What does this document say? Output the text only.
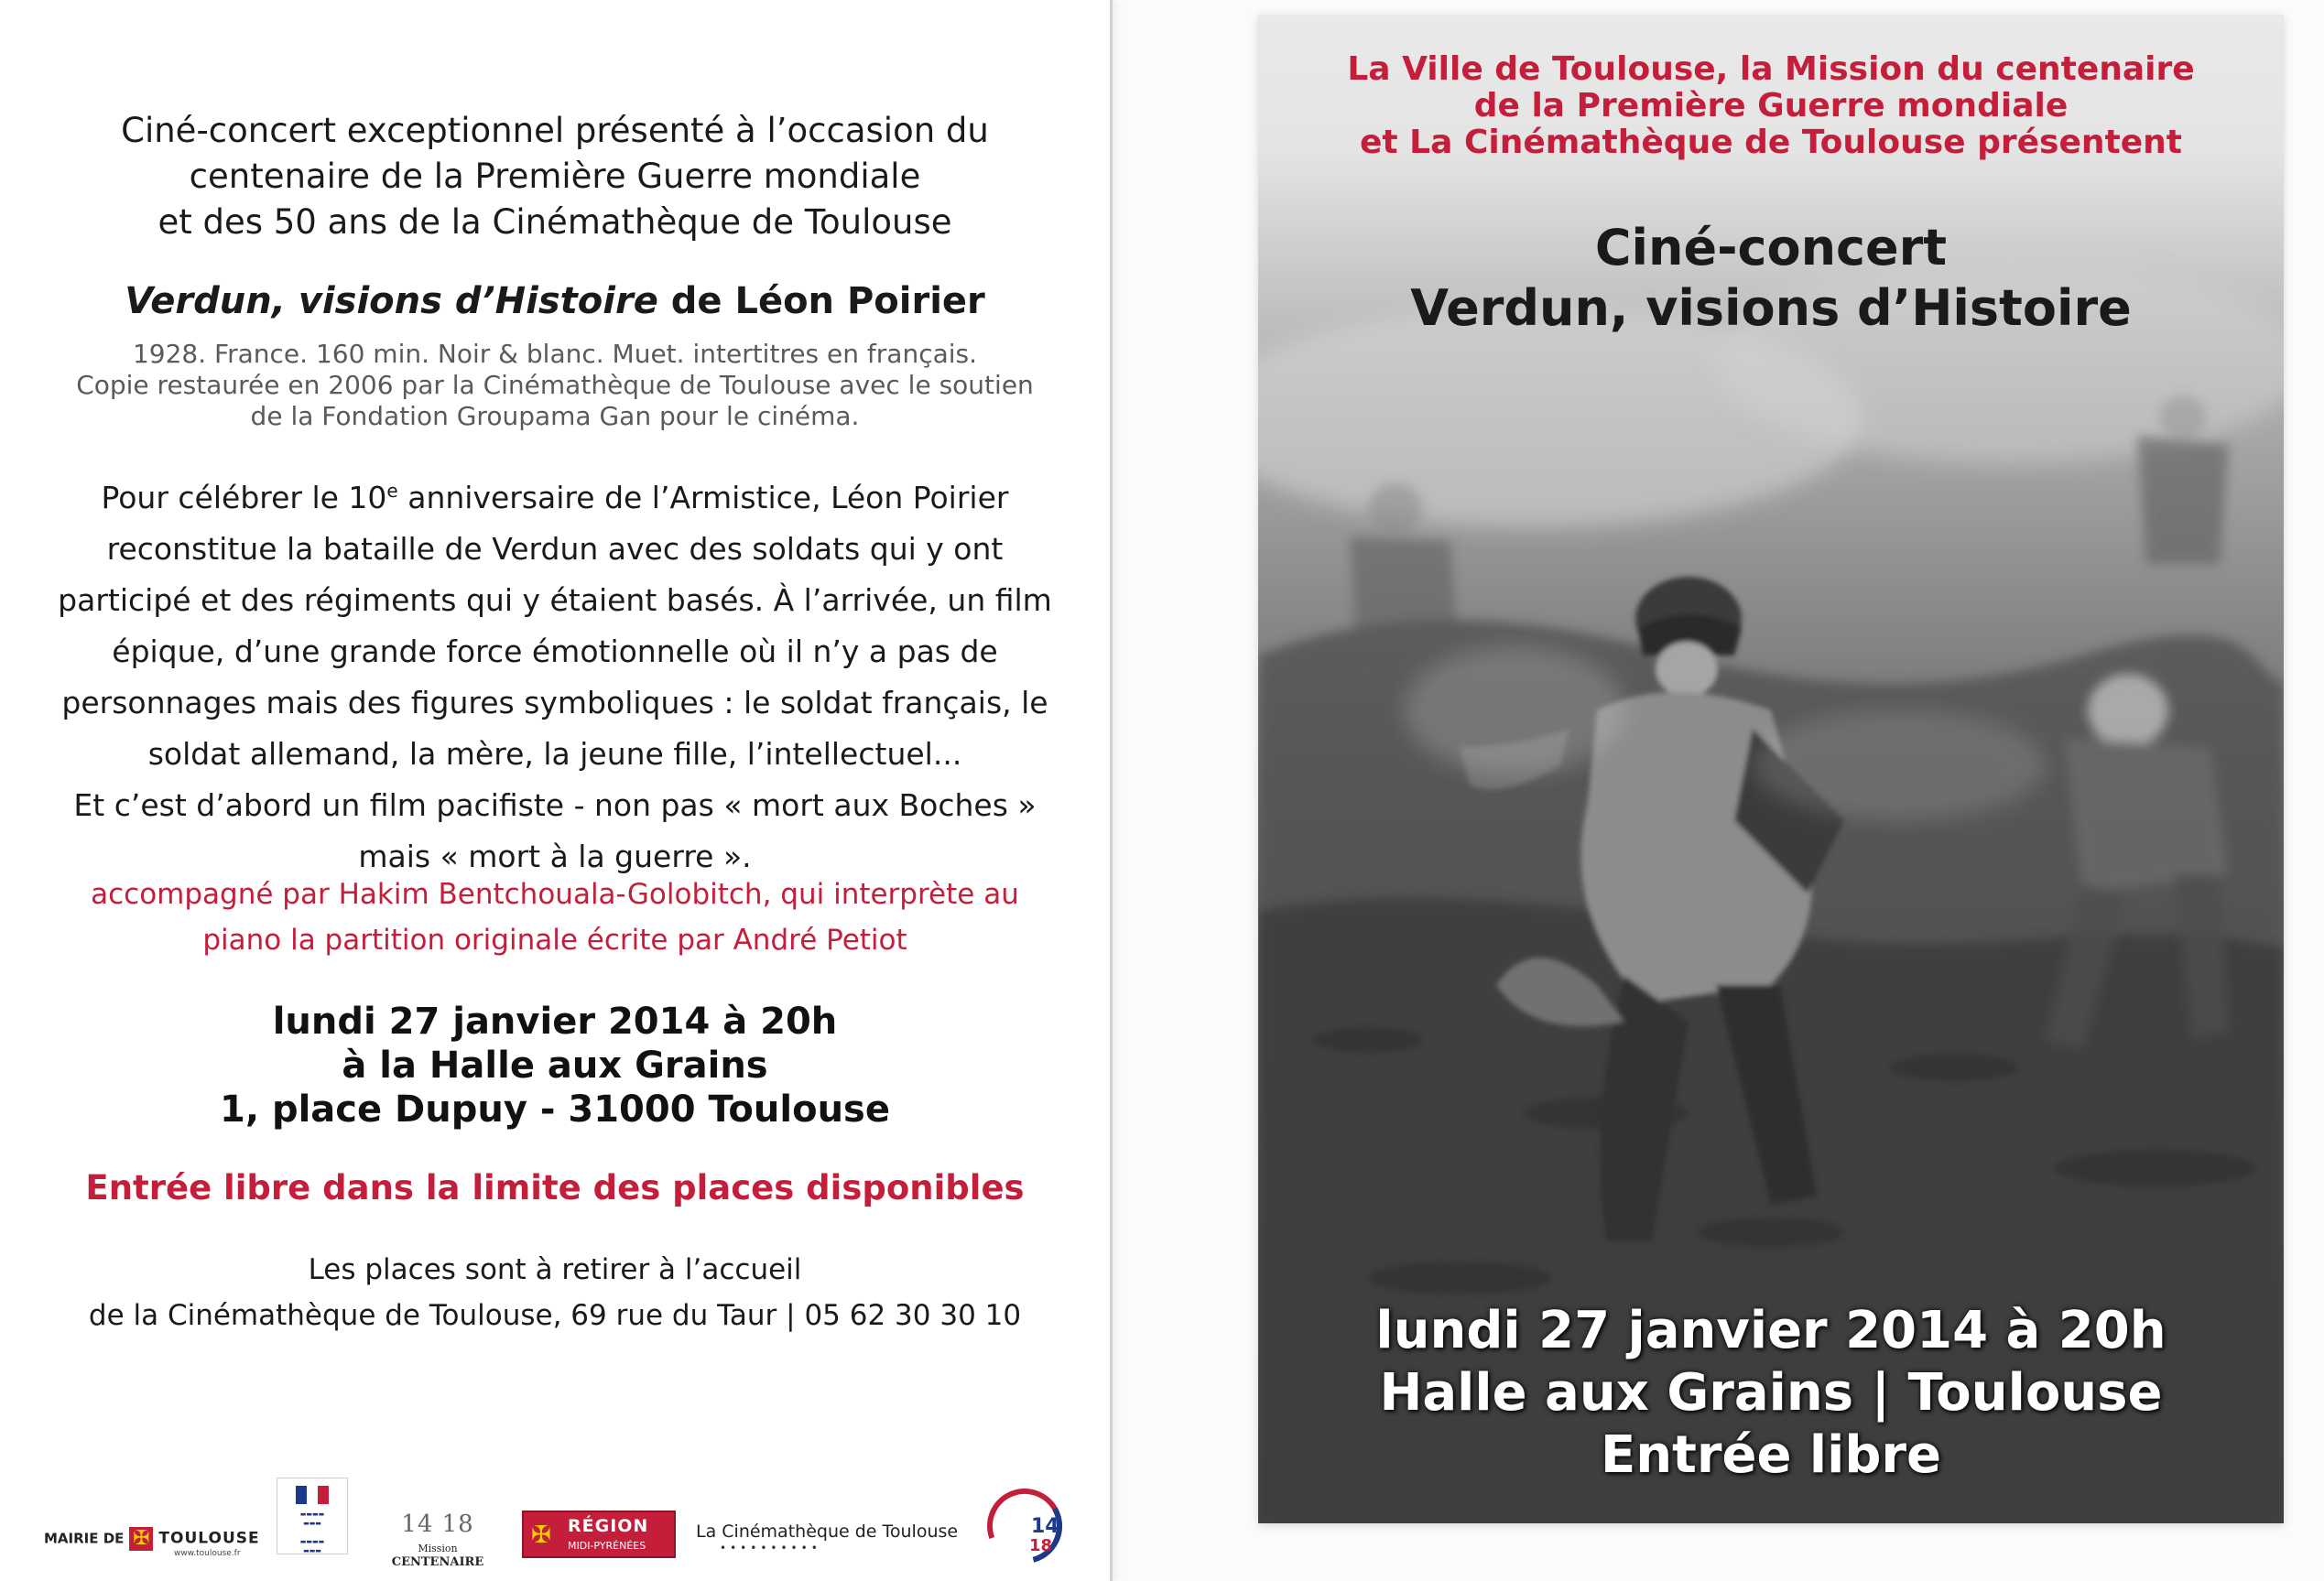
Ciné-concert exceptionnel présenté à l’occasion du
centenaire de la Première Guerre mondiale
et des 50 ans de la Cinémathèque de Toulouse
Verdun, visions d’Histoire de Léon Poirier
1928. France. 160 min. Noir & blanc. Muet. intertitres en français.
Copie restaurée en 2006 par la Cinémathèque de Toulouse avec le soutien
de la Fondation Groupama Gan pour le cinéma.
Pour célébrer le 10e anniversaire de l’Armistice, Léon Poirier
reconstitue la bataille de Verdun avec des soldats qui y ont
participé et des régiments qui y étaient basés. À l’arrivée, un film
épique, d’une grande force émotionnelle où il n’y a pas de
personnages mais des figures symboliques : le soldat français, le
soldat allemand, la mère, la jeune fille, l’intellectuel...
Et c’est d’abord un film pacifiste - non pas « mort aux Boches »
mais « mort à la guerre ».
accompagné par Hakim Bentchouala-Golobitch, qui interprète au
piano la partition originale écrite par André Petiot
lundi 27 janvier 2014 à 20h
à la Halle aux Grains
1, place Dupuy - 31000 Toulouse
Entrée libre dans la limite des places disponibles
Les places sont à retirer à l’accueil
de la Cinémathèque de Toulouse, 69 rue du Taur | 05 62 30 30 10
MAIRIE DE ✠ TOULOUSE
www.toulouse.fr
▬▬▬▬
▬▬▬

▬▬▬▬
▬▬▬
14 18
Mission
CENTENAIRE
✠ RÉGION
MIDI-PYRÉNÉES
La Cinémathèque de Toulouse
••••••••••
14
18
La Ville de Toulouse, la Mission du centenaire
de la Première Guerre mondiale
et La Cinémathèque de Toulouse présentent
Ciné-concert
Verdun, visions d’Histoire
lundi 27 janvier 2014 à 20h
Halle aux Grains | Toulouse
Entrée libre
